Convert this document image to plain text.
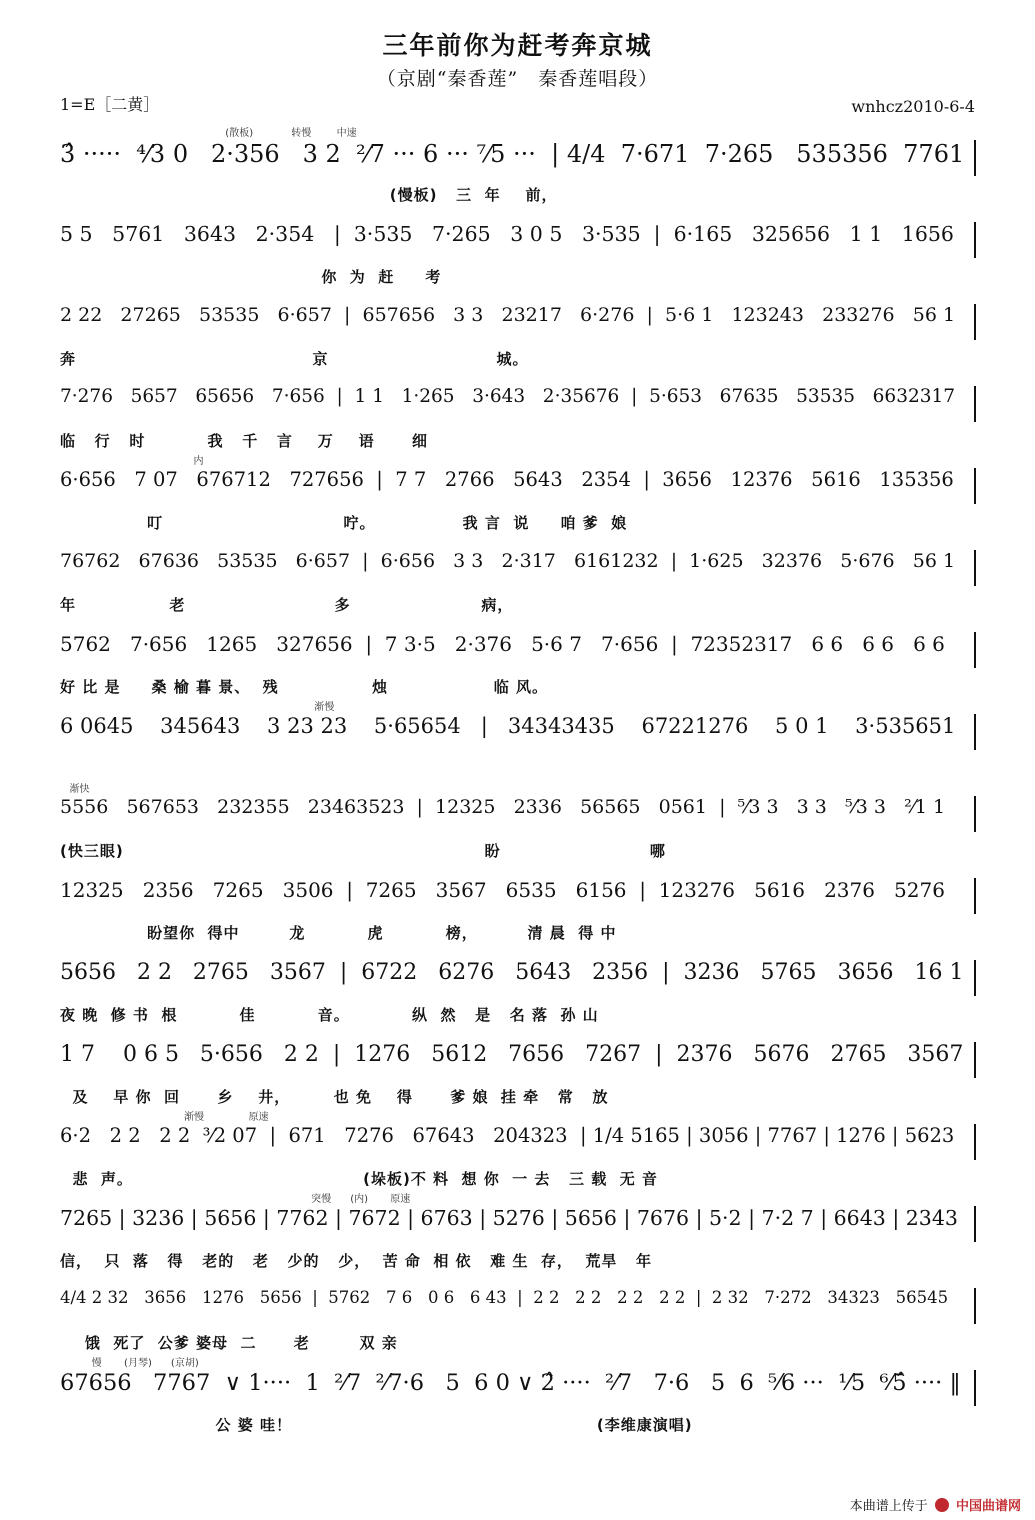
三年前你为赶考奔京城
（京剧“秦香莲”　秦香莲唱段）
1=E［二黄］	wnhcz2010-6-4
(散板)            转慢        中速
3̂ ·····  ⁴⁄3 0   2·356   3 2  ²⁄7 ··· 6 ··· ⁷⁄5 ···  | 4/4  7·671  7·265   535356  7761
(慢板)   三  年    前，
5 5   5761   3643   2·354   |  3·535   7·265   3 0 5   3·535  |  6·165   325656   1 1   1656
你  为  赶     考
2 22   27265   53535   6·657  |  657656   3 3   23217   6·276  |  5·6 1   123243   233276   56 1
奔                                      京                           城。
7·276   5657   65656   7·656  |  1 1   1·265   3·643   2·35676  |  5·653   67635   53535   6632317
临   行   时          我   千   言    万    语      细
内
6·656   7 07   676712   727656  |  7 7   2766   5643   2354  |  3656   12376   5616   135356
叮                             咛。              我 言  说     咱 爹  娘
76762   67636   53535   6·657  |  6·656   3 3   2·317   6161232  |  1·625   32376   5·676   56 1
年               老                        多                     病，
5762   7·656   1265   327656  |  7 3·5   2·376   5·6 7   7·656  |  72352317   6 6   6 6   6 6
好 比 是     桑 榆 暮 景、  残               烛                 临 风。
渐慢
6 0645    345643    3 23 23    5·65654   |   34343435    67221276    5 0 1    3·535651
渐快
5556   567653   232355   23463523  |  12325   2336   56565   0561  |  ⁵⁄3 3   3 3   ⁵⁄3 3   ²⁄1 1
(快三眼)                                                          盼                        哪
12325   2356   7265   3506  |  7265   3567   6535   6156  |  123276   5616   2376   5276
盼望你  得中        龙          虎          榜，        清 晨  得 中
5656   2 2   2765   3567  |  6722   6276   5643   2356  |  3236   5765   3656   16 1
夜 晚  修 书  根          佳          音。          纵  然   是   名 落  孙 山
1 7    0 6 5   5·656   2 2  |  1276   5612   7656   7267  |  2376   5676   2765   3567
及    早 你  回      乡    井，       也 免    得      爹 娘  挂 牵   常   放
渐慢              原速
6·2   2 2   2 2  ³⁄2 07  |  671   7276   67643   204323  | 1/4 5165 | 3056 | 7767 | 1276 | 5623
悲  声。                                     (垛板)不 料  想 你  一 去   三 载  无 音
突慢      (内)       原速
7265 | 3236 | 5656 | 7762 | 7672 | 6763 | 5276 | 5656 | 7676 | 5·2 | 7·2 7 | 6643 | 2343
信，  只  落   得   老的   老   少的   少，  苦 命  相 依   难 生  存，  荒旱   年
4/4 2 32   3656   1276   5656  |  5762   7 6   0 6   6 43  |  2 2   2 2   2 2   2 2  |  2 32   7·272   34323   56545
饿  死了  公爹 婆母  二      老        双 亲
慢       (月琴)      (京胡)
67656   7767  ∨ 1····  1  ²⁄7  ²⁄7·6   5  6 0 ∨ 2̂ ····  ²⁄7   7·6   5  6  ⁵⁄6 ···  ¹⁄5  ⁶⁄5̂ ···· ‖
公 婆 哇！                                                 (李维康演唱)
本曲谱上传于 中国曲谱网
